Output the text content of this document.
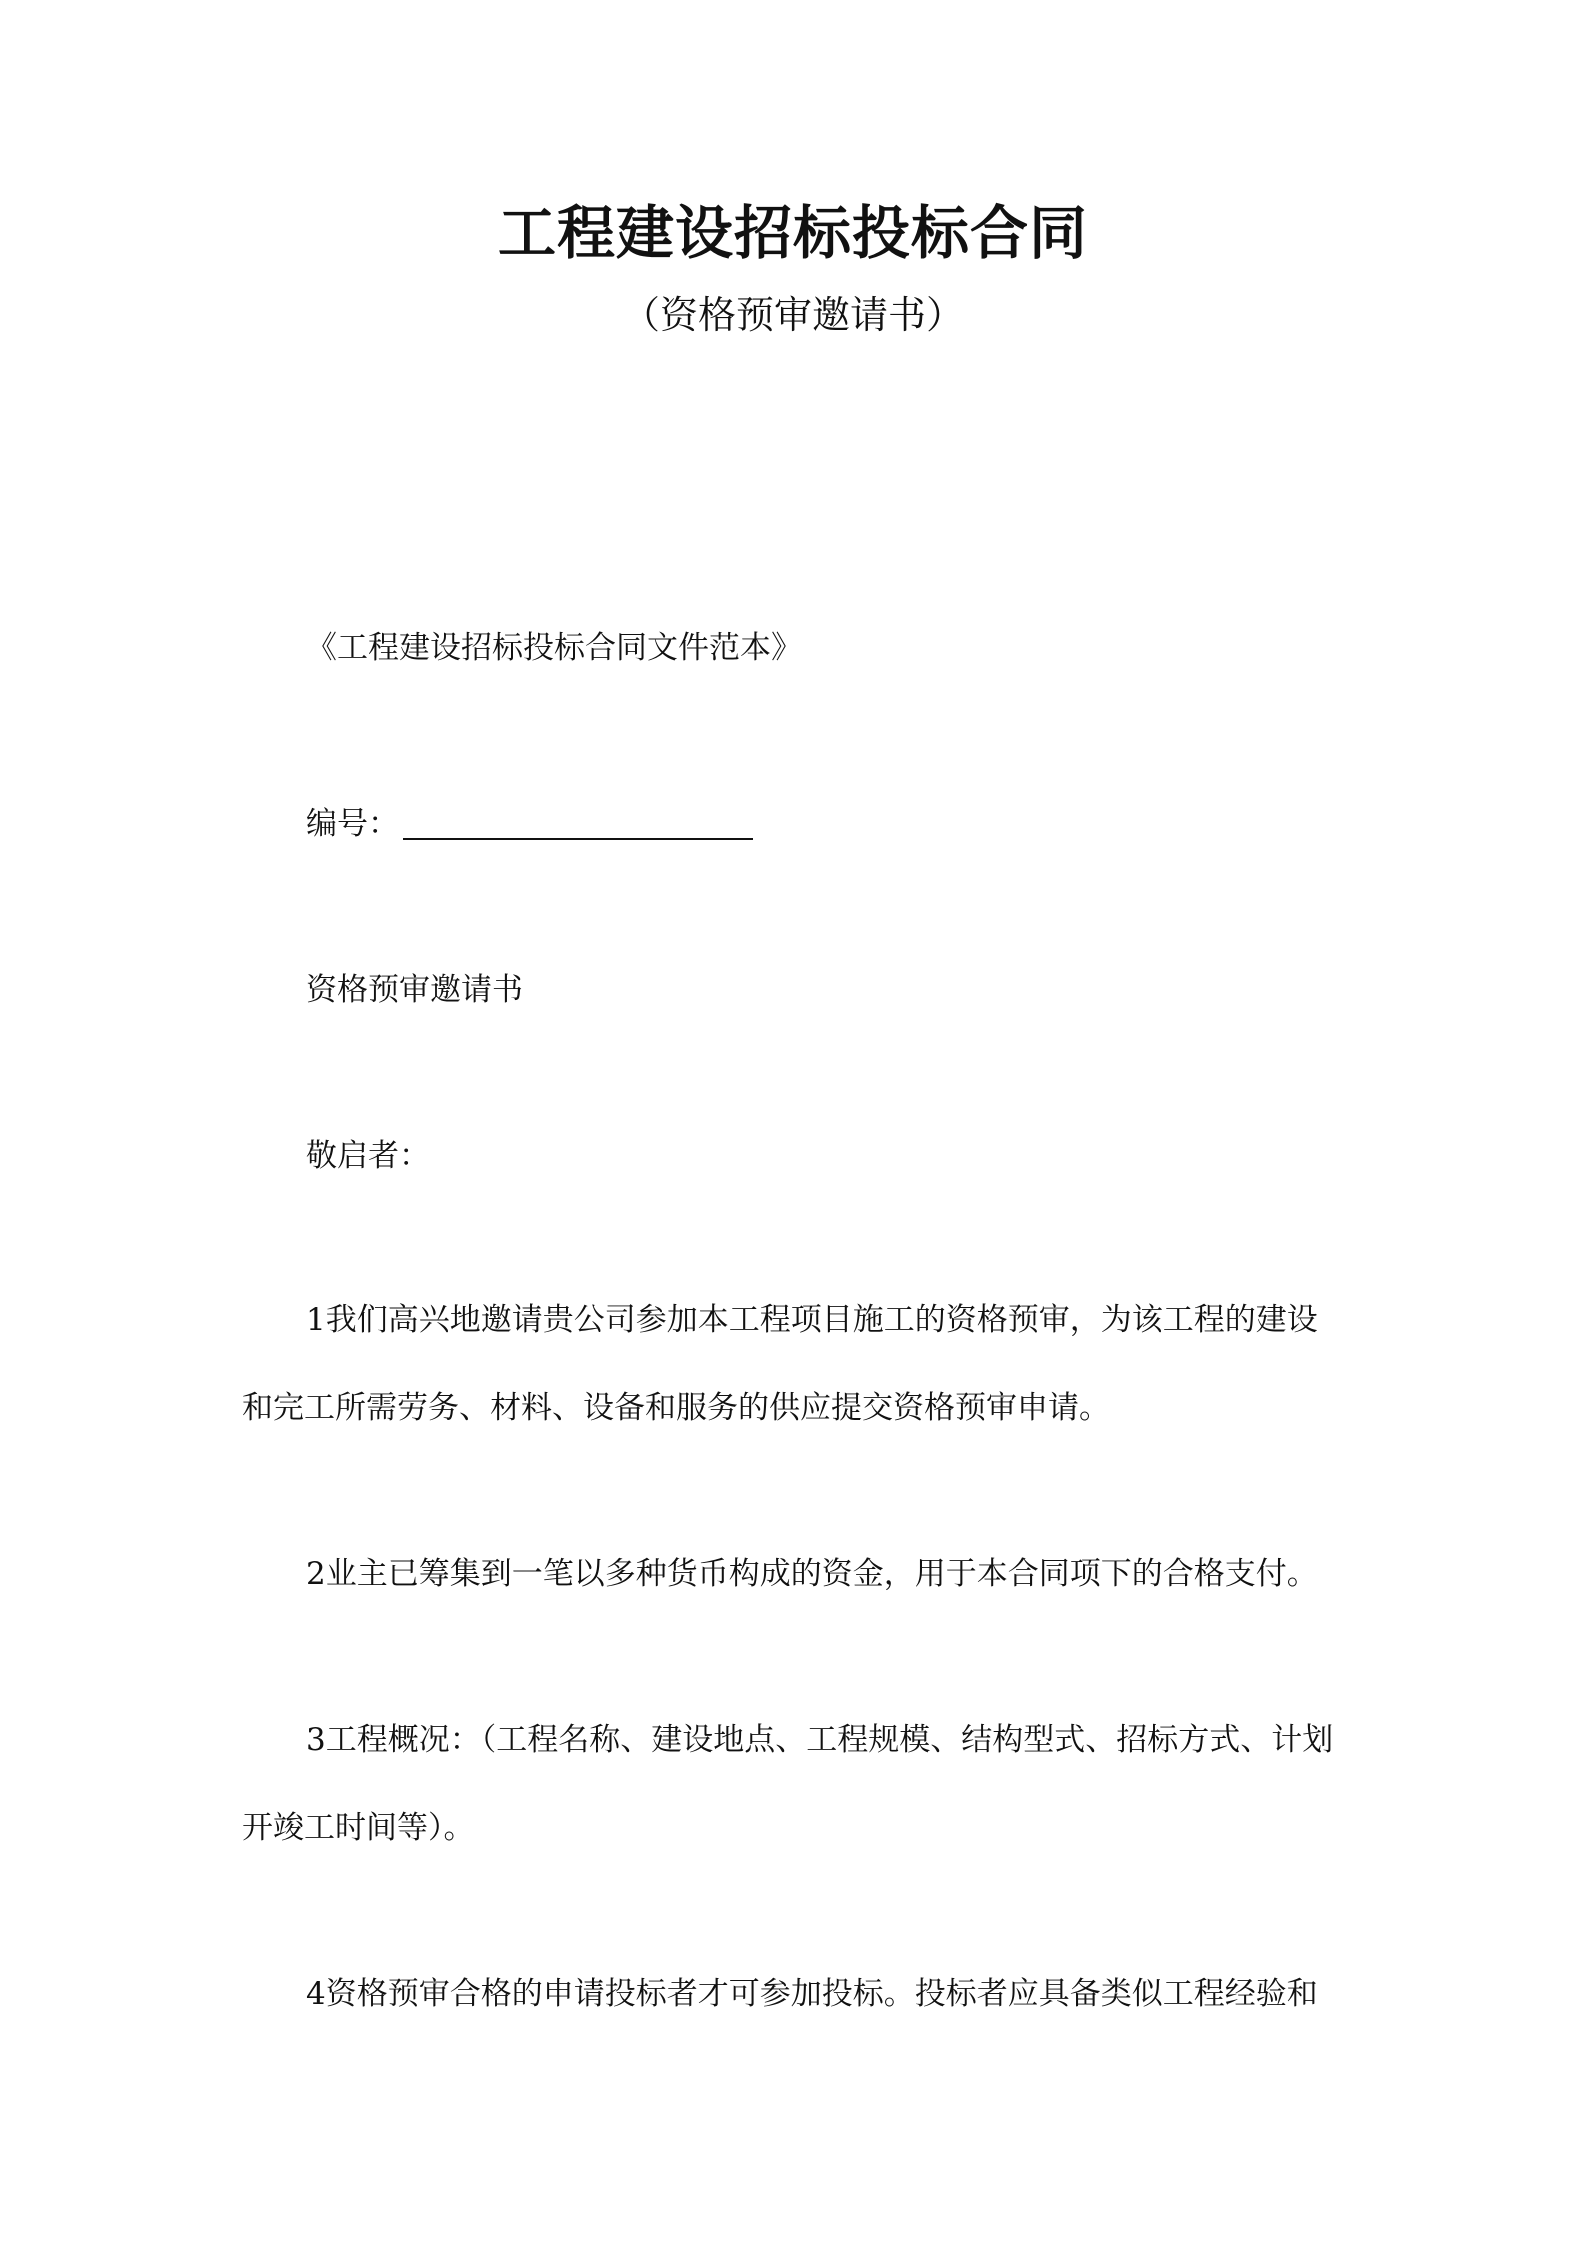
工程建设招标投标合同
（资格预审邀请书）

《工程建设招标投标合同文件范本》

编号：

资格预审邀请书

敬启者：

1我们高兴地邀请贵公司参加本工程项目施工的资格预审，为该工程的建设和完工所需劳务、材料、设备和服务的供应提交资格预审申请。

2业主已筹集到一笔以多种货币构成的资金，用于本合同项下的合格支付。

3工程概况：（工程名称、建设地点、工程规模、结构型式、招标方式、计划开竣工时间等）。

4资格预审合格的申请投标者才可参加投标。投标者应具备类似工程经验和
